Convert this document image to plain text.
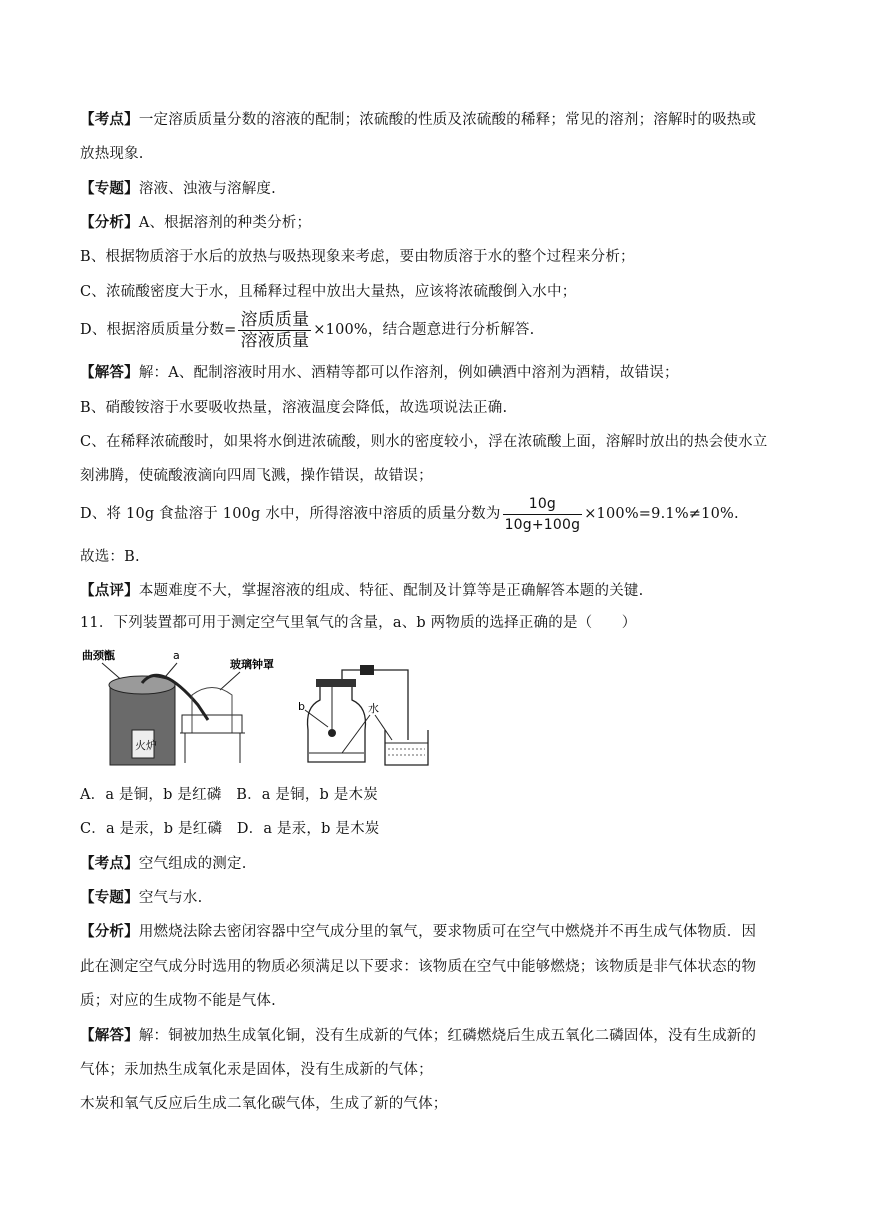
【考点】一定溶质质量分数的溶液的配制；浓硫酸的性质及浓硫酸的稀释；常见的溶剂；溶解时的吸热或
放热现象.
【专题】溶液、浊液与溶解度.
【分析】A、根据溶剂的种类分析；
B、根据物质溶于水后的放热与吸热现象来考虑，要由物质溶于水的整个过程来分析；
C、浓硫酸密度大于水，且稀释过程中放出大量热，应该将浓硫酸倒入水中；
D、根据溶质质量分数= $\frac{\text{溶质质量}}{\text{溶液质量}} \times 100\%$，结合题意进行分析解答.
【解答】解：A、配制溶液时用水、酒精等都可以作溶剂，例如碘酒中溶剂为酒精，故错误；
B、硝酸铵溶于水要吸收热量，溶液温度会降低，故选项说法正确.
C、在稀释浓硫酸时，如果将水倒进浓硫酸，则水的密度较小，浮在浓硫酸上面，溶解时放出的热会使水立
刻沸腾，使硫酸液滴向四周飞溅，操作错误，故错误；
D、将 10g 食盐溶于 100g 水中，所得溶液中溶质的质量分数为 $\frac{10g}{10g+100g} \times 100\%=9.1\%\ne 10\%$.
故选：B.
【点评】本题难度不大，掌握溶液的组成、特征、配制及计算等是正确解答本题的关键.
11．下列装置都可用于测定空气里氧气的含量，a、b 两物质的选择正确的是（　　）
曲颈甑	a
玻璃钟罩
火炉
b	水
A．a 是铜，b 是红磷　B．a 是铜，b 是木炭
C．a 是汞，b 是红磷　D．a 是汞，b 是木炭
【考点】空气组成的测定.
【专题】空气与水.
【分析】用燃烧法除去密闭容器中空气成分里的氧气，要求物质可在空气中燃烧并不再生成气体物质．因
此在测定空气成分时选用的物质必须满足以下要求：该物质在空气中能够燃烧；该物质是非气体状态的物
质；对应的生成物不能是气体.
【解答】解：铜被加热生成氧化铜，没有生成新的气体；红磷燃烧后生成五氧化二磷固体，没有生成新的
气体；汞加热生成氧化汞是固体，没有生成新的气体；
木炭和氧气反应后生成二氧化碳气体，生成了新的气体；
